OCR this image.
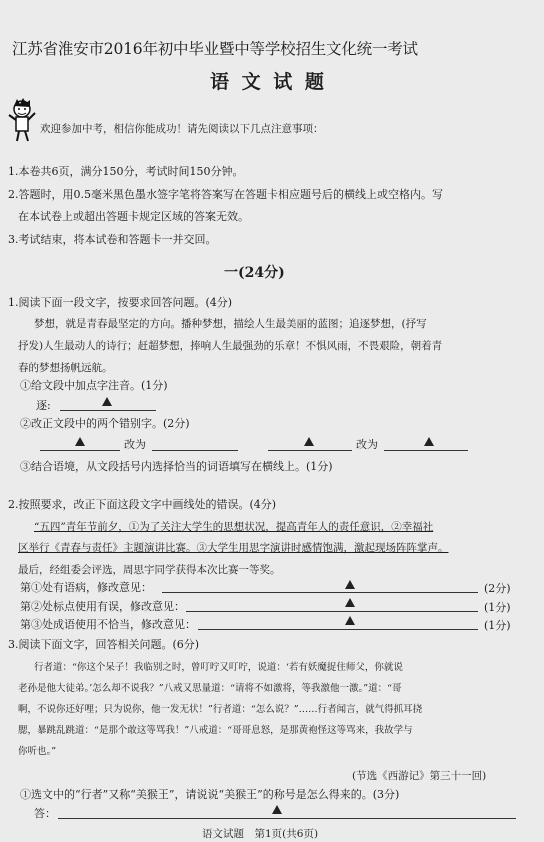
江苏省淮安市2016年初中毕业暨中等学校招生文化统一考试
语 文 试 题
欢迎参加中考，相信你能成功！请先阅读以下几点注意事项：
1.本卷共6页，满分150分，考试时间150分钟。
2.答题时，用0.5毫米黑色墨水签字笔将答案写在答题卡相应题号后的横线上或空格内。写
在本试卷上或超出答题卡规定区域的答案无效。
3.考试结束，将本试卷和答题卡一并交回。
一(24分)
1.阅读下面一段文字，按要求回答问题。(4分)
梦想，就是青春最坚定的方向。播种梦想，描绘人生最美丽的蓝图；追逐梦想，(抒写
抒发)人生最动人的诗行；赶超梦想，捧响人生最强劲的乐章！不惧风雨，不畏艰险，朝着青
春的梦想扬帆远航。
①给文段中加点字注音。(1分)
逐:
②改正文段中的两个错别字。(2分)
改为	改为
③结合语境，从文段括号内选择恰当的词语填写在横线上。(1分)
2.按照要求，改正下面这段文字中画线处的错误。(4分)
“五四”青年节前夕，①为了关注大学生的思想状况，提高青年人的责任意识，②幸福社
区举行《青春与责任》主题演讲比赛。③大学生用思字演讲时感情饱满，激起现场阵阵掌声。
最后，经组委会评选，周思宇同学获得本次比赛一等奖。
第①处有语病，修改意见：	(2分)
第②处标点使用有误，修改意见：	(1分)
第③处成语使用不恰当，修改意见：	(1分)
3.阅读下面文字，回答相关问题。(6分)
行者道：“你这个呆子！我临别之时，曾叮咛又叮咛，说道：‘若有妖魔捉住师父，你就说
老孙是他大徒弟。’怎么却不说我？”八戒又思量道：“请将不如激将，等我激他一激。”道：“哥
啊，不说你还好哩；只为说你，他一发无状！”行者道：“怎么说？”……行者闻言，就气得抓耳挠
腮，暴跳乱跳道：“是那个敢这等骂我！”八戒道：“哥哥息怒，是那黄袍怪这等骂来，我故学与
你听也。”
(节选《西游记》第三十一回)
①选文中的“行者”又称“美猴王”，请说说“美猴王”的称号是怎么得来的。(3分)
答：
语文试题　第1页(共6页)
